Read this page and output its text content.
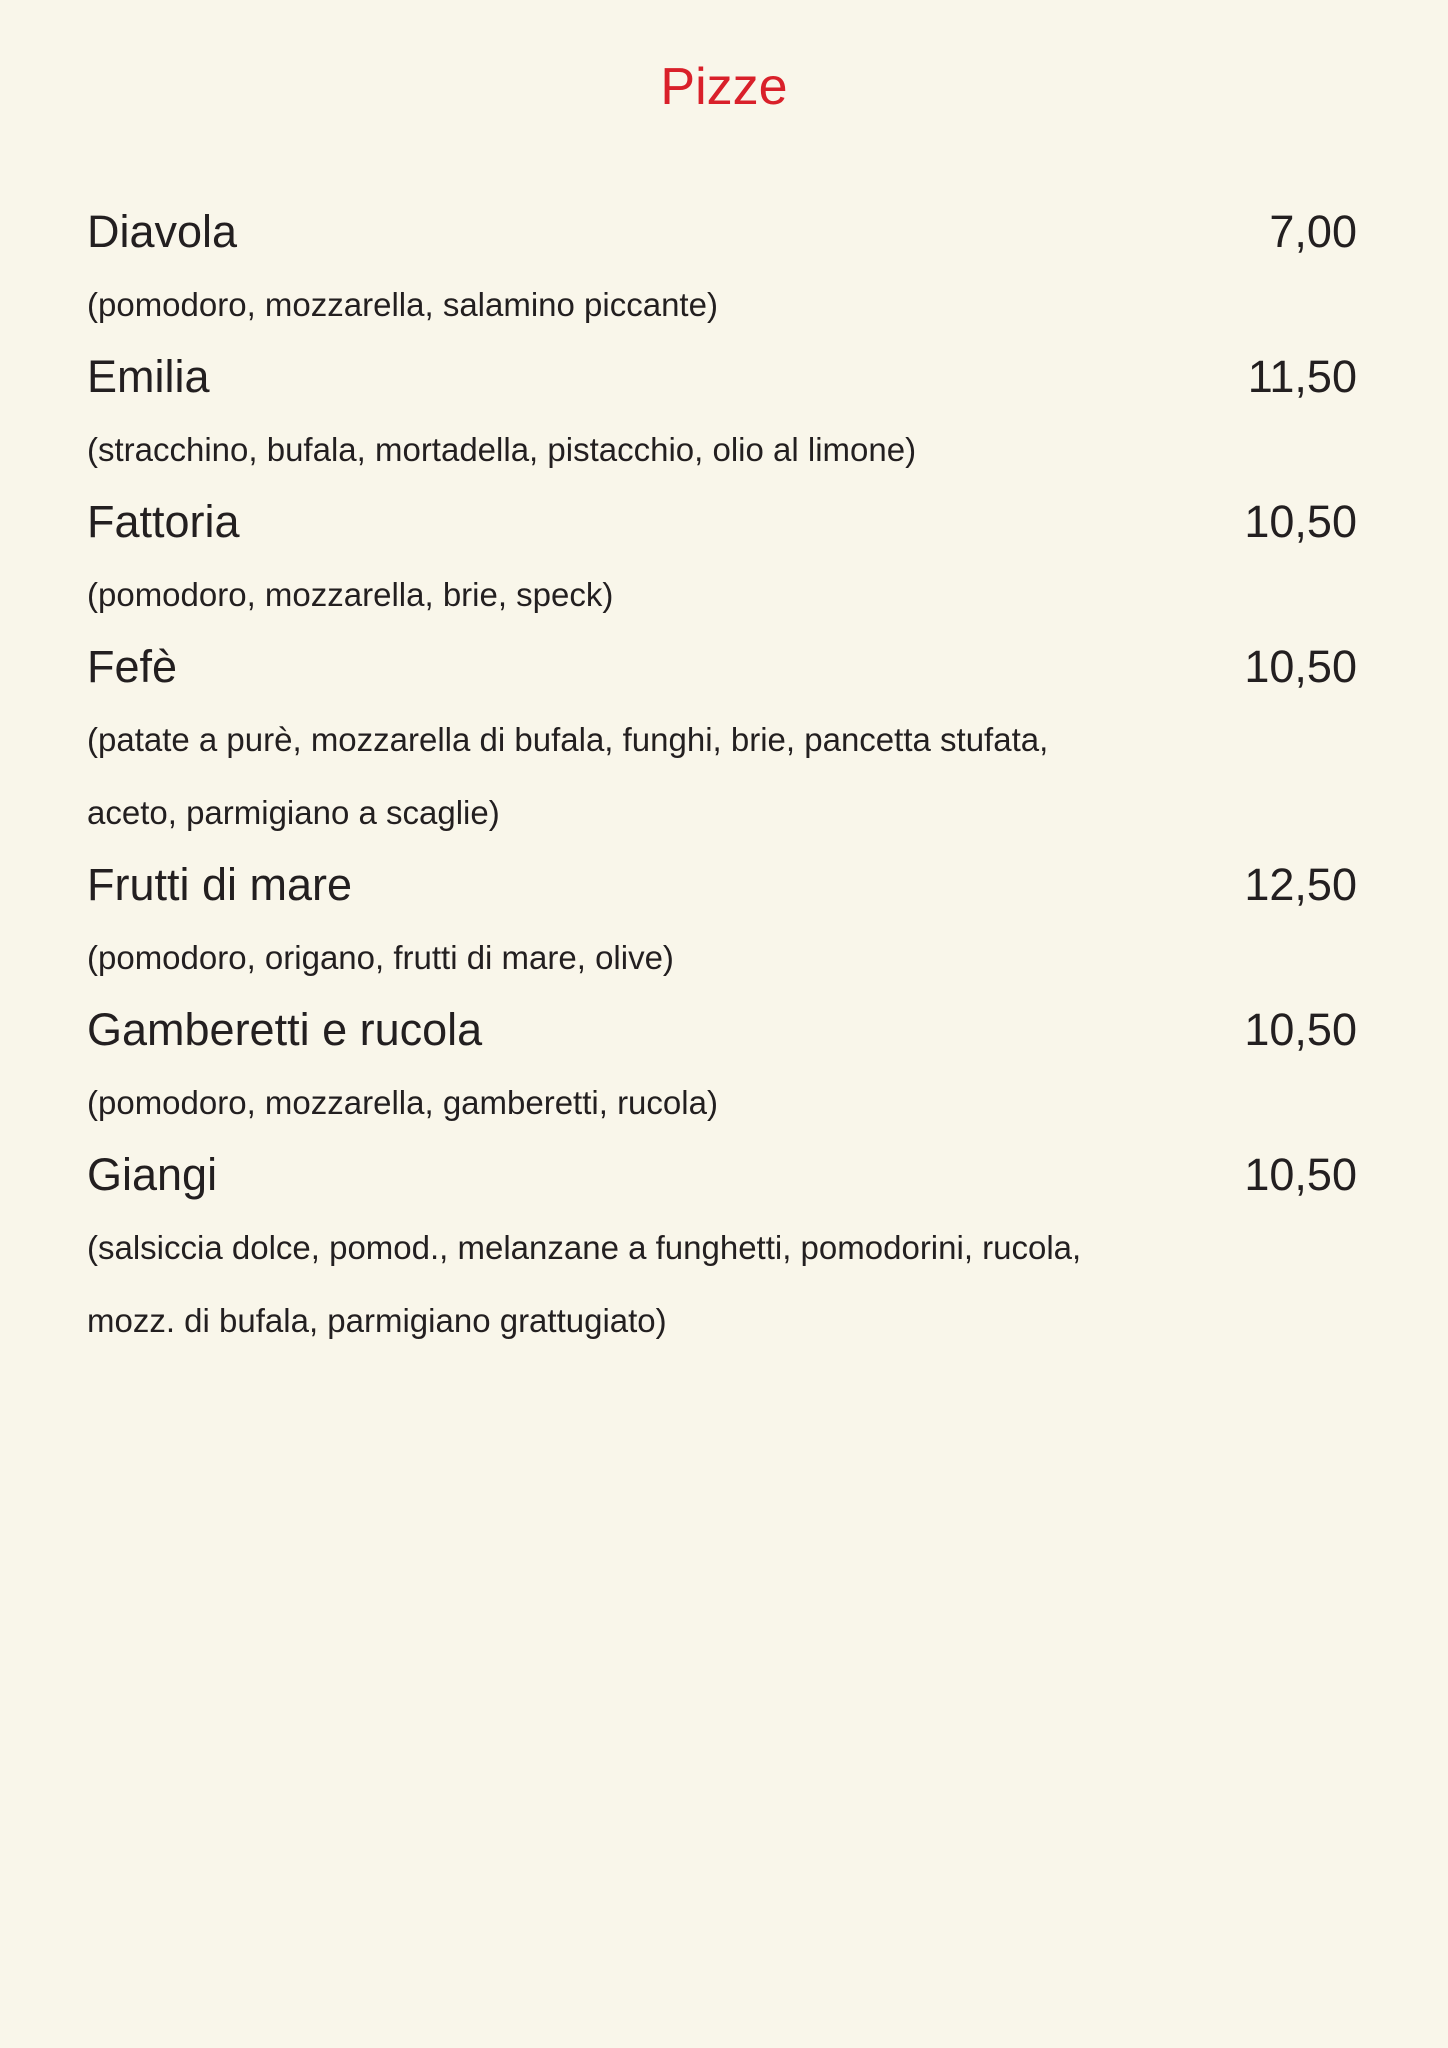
Pizze
Diavola	7,00
(pomodoro, mozzarella, salamino piccante)
Emilia	11,50
(stracchino, bufala, mortadella, pistacchio, olio al limone)
Fattoria	10,50
(pomodoro, mozzarella, brie, speck)
Fefè	10,50
(patate a purè, mozzarella di bufala, funghi, brie, pancetta stufata,
aceto, parmigiano a scaglie)
Frutti di mare	12,50
(pomodoro, origano, frutti di mare, olive)
Gamberetti e rucola	10,50
(pomodoro, mozzarella, gamberetti, rucola)
Giangi	10,50
(salsiccia dolce, pomod., melanzane a funghetti, pomodorini, rucola,
mozz. di bufala, parmigiano grattugiato)
